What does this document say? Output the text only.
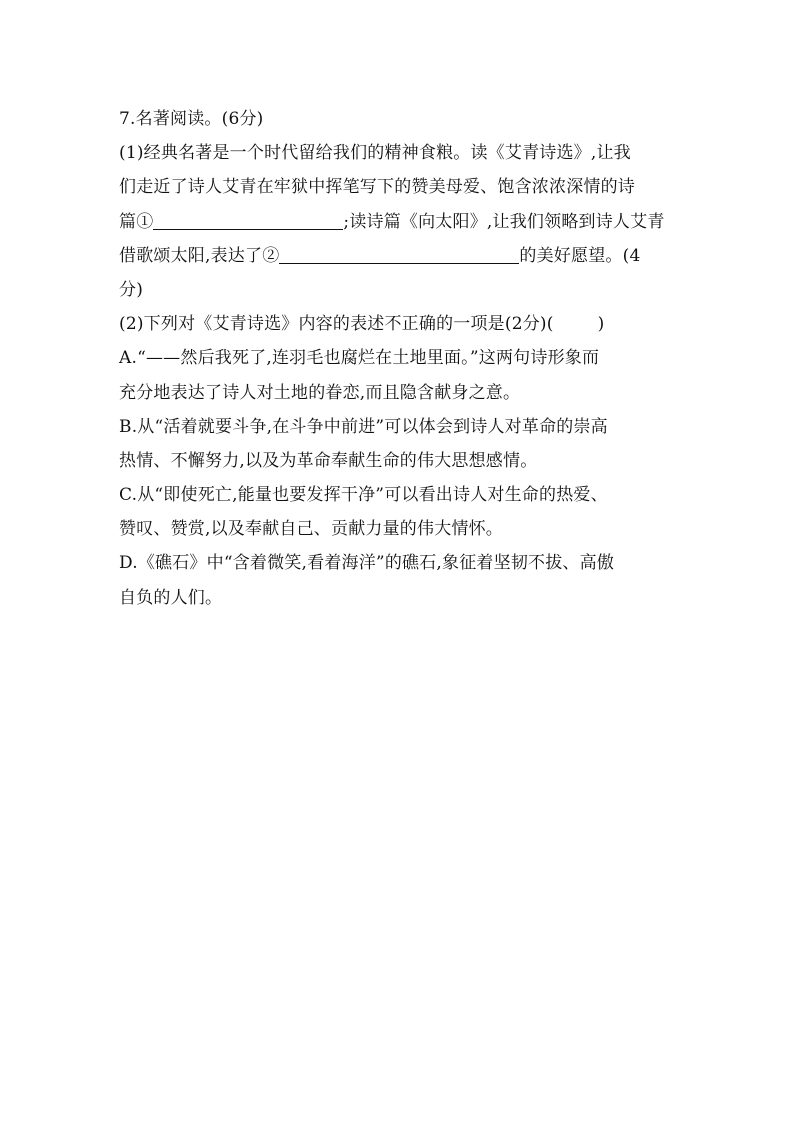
7.名著阅读。(6分)
(1)经典名著是一个时代留给我们的精神食粮。读《艾青诗选》,让我
们走近了诗人艾青在牢狱中挥笔写下的赞美母爱、饱含浓浓深情的诗
篇①	;读诗篇《向太阳》,让我们领略到诗人艾青
借歌颂太阳,表达了②	的美好愿望。(4
分)
(2)下列对《艾青诗选》内容的表述不正确的一项是(2分)(	)
A.“——然后我死了,连羽毛也腐烂在土地里面。”这两句诗形象而
充分地表达了诗人对土地的眷恋,而且隐含献身之意。
B.从“活着就要斗争,在斗争中前进”可以体会到诗人对革命的崇高
热情、不懈努力,以及为革命奉献生命的伟大思想感情。
C.从“即使死亡,能量也要发挥干净”可以看出诗人对生命的热爱、
赞叹、赞赏,以及奉献自己、贡献力量的伟大情怀。
D.《礁石》中“含着微笑,看着海洋”的礁石,象征着坚韧不拔、高傲
自负的人们。
